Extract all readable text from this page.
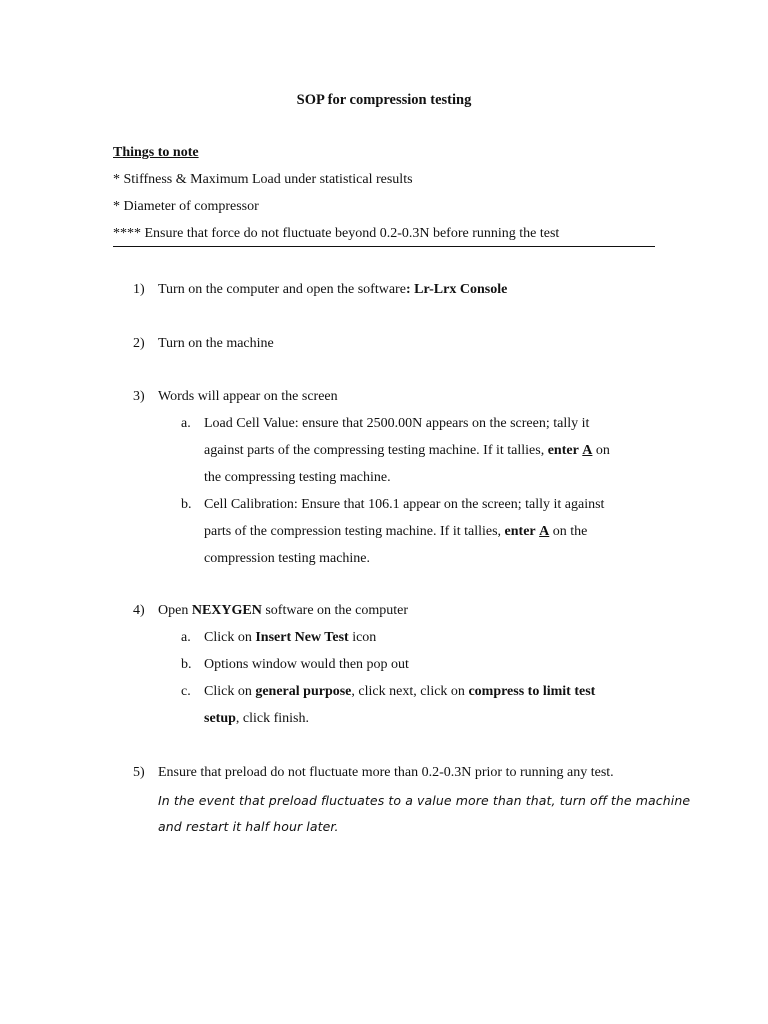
SOP for compression testing
Things to note
* Stiffness & Maximum Load under statistical results
* Diameter of compressor
**** Ensure that force do not fluctuate beyond 0.2-0.3N before running the test
1) Turn on the computer and open the software: Lr-Lrx Console
2) Turn on the machine
3) Words will appear on the screen
a. Load Cell Value: ensure that 2500.00N appears on the screen; tally it
against parts of the compressing testing machine. If it tallies, enter A on
the compressing testing machine.
b. Cell Calibration: Ensure that 106.1 appear on the screen; tally it against
parts of the compression testing machine. If it tallies, enter A on the
compression testing machine.
4) Open NEXYGEN software on the computer
a. Click on Insert New Test icon
b. Options window would then pop out
c. Click on general purpose, click next, click on compress to limit test
setup, click finish.
5) Ensure that preload do not fluctuate more than 0.2-0.3N prior to running any test.
In the event that preload fluctuates to a value more than that, turn off the machine
and restart it half hour later.
